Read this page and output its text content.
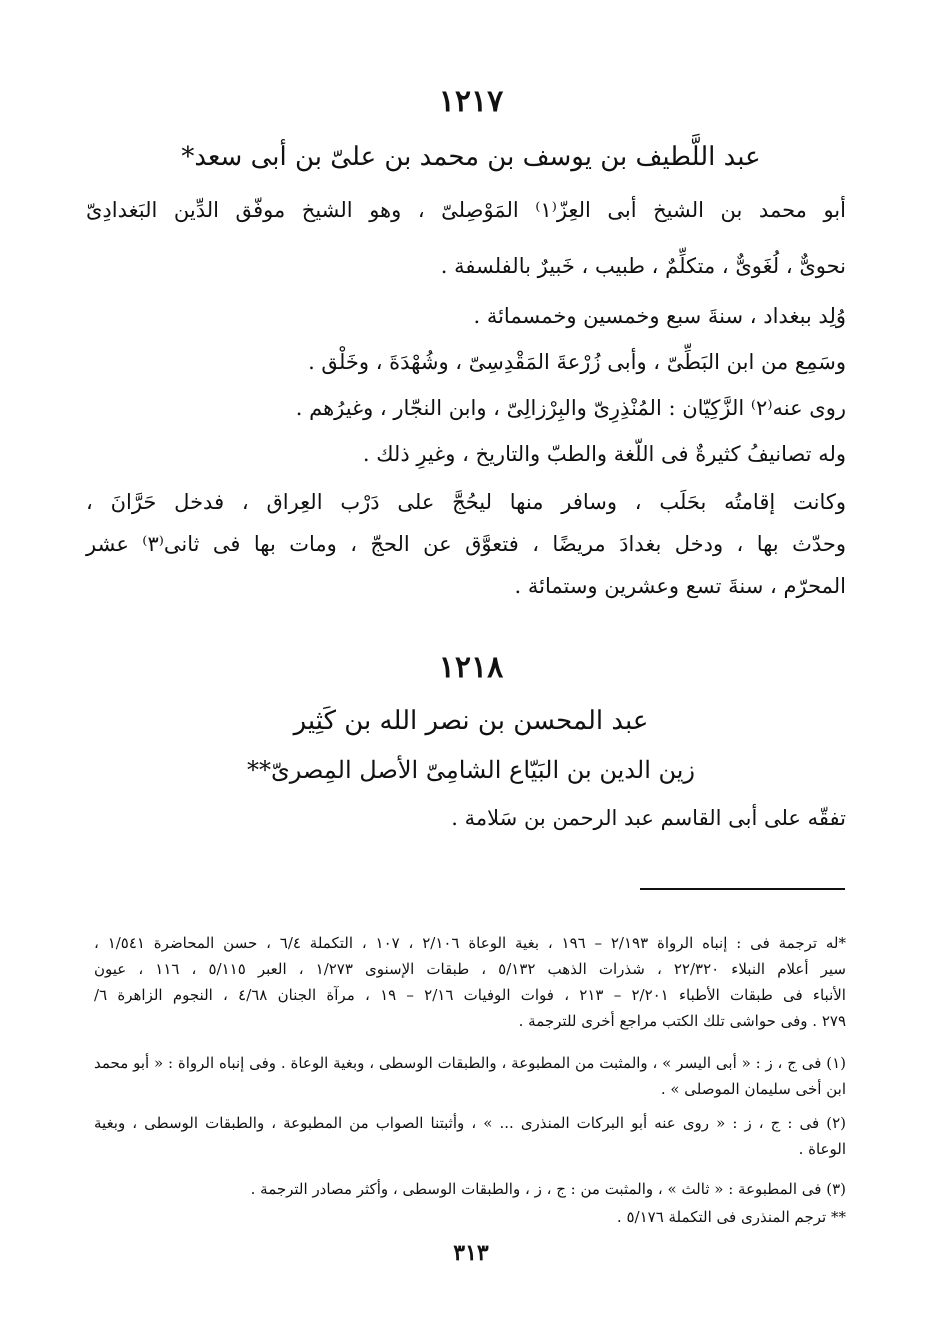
١٢١٧
عبد اللَّطيف بن يوسف بن محمد بن علىّ بن أبى سعد*
أبو محمد بن الشيخ أبى العِزّ⁽١⁾ المَوْصِلىّ ، وهو الشيخ موفّق الدِّين البَغدادِىّ
نحوىٌّ ، لُغَوىٌّ ، متكلِّمٌ ، طبيب ، خَبيرٌ بالفلسفة .
وُلِد ببغداد ، سنةَ سبع وخمسين وخمسمائة .
وسَمِع من ابن البَطِّىّ ، وأبى زُرْعةَ المَقْدِسِىّ ، وشُهْدَةَ ، وخَلْق .
روى عنه⁽٢⁾ الزَّكِيّان : المُنْذِرِىّ والبِرْزالِىّ ، وابن النجّار ، وغيرُهم .
وله تصانيفُ كثيرةٌ فى اللّغة والطبّ والتاريخ ، وغيرِ ذلك .
وكانت إقامتُه بحَلَب ، وسافر منها ليحُجَّ على دَرْب العِراق ، فدخل حَرَّانَ ،
وحدّث بها ، ودخل بغدادَ مريضًا ، فتعوَّق عن الحجّ ، ومات بها فى ثانى⁽٣⁾ عشر
المحرّم ، سنةَ تسع وعشرين وستمائة .
١٢١٨
عبد المحسن بن نصر الله بن كَثِير
زين الدين بن البَيّاع الشامِىّ الأصل المِصرىّ**
تفقّه على أبى القاسم عبد الرحمن بن سَلامة .
*له ترجمة فى : إنباه الرواة ٢/١٩٣ – ١٩٦ ، بغية الوعاة ٢/١٠٦ ، ١٠٧ ، التكملة ٦/٤ ، حسن المحاضرة ١/٥٤١ ،
سير أعلام النبلاء ٢٢/٣٢٠ ، شذرات الذهب ٥/١٣٢ ، طبقات الإسنوى ١/٢٧٣ ، العبر ٥/١١٥ ، ١١٦ ، عيون
الأنباء فى طبقات الأطباء ٢/٢٠١ – ٢١٣ ، فوات الوفيات ٢/١٦ – ١٩ ، مرآة الجنان ٤/٦٨ ، النجوم الزاهرة ٦/
٢٧٩ . وفى حواشى تلك الكتب مراجع أخرى للترجمة .
(١) فى ج ، ز : « أبى اليسر » ، والمثبت من المطبوعة ، والطبقات الوسطى ، وبغية الوعاة . وفى إنباه الرواة : « أبو محمد
ابن أخى سليمان الموصلى » .
(٢) فى : ج ، ز : « روى عنه أبو البركات المنذرى ... » ، وأثبتنا الصواب من المطبوعة ، والطبقات الوسطى ، وبغية
الوعاة .
(٣) فى المطبوعة : « ثالث » ، والمثبت من : ج ، ز ، والطبقات الوسطى ، وأكثر مصادر الترجمة .
** ترجم المنذرى فى التكملة ٥/١٧٦ .
٣١٣
